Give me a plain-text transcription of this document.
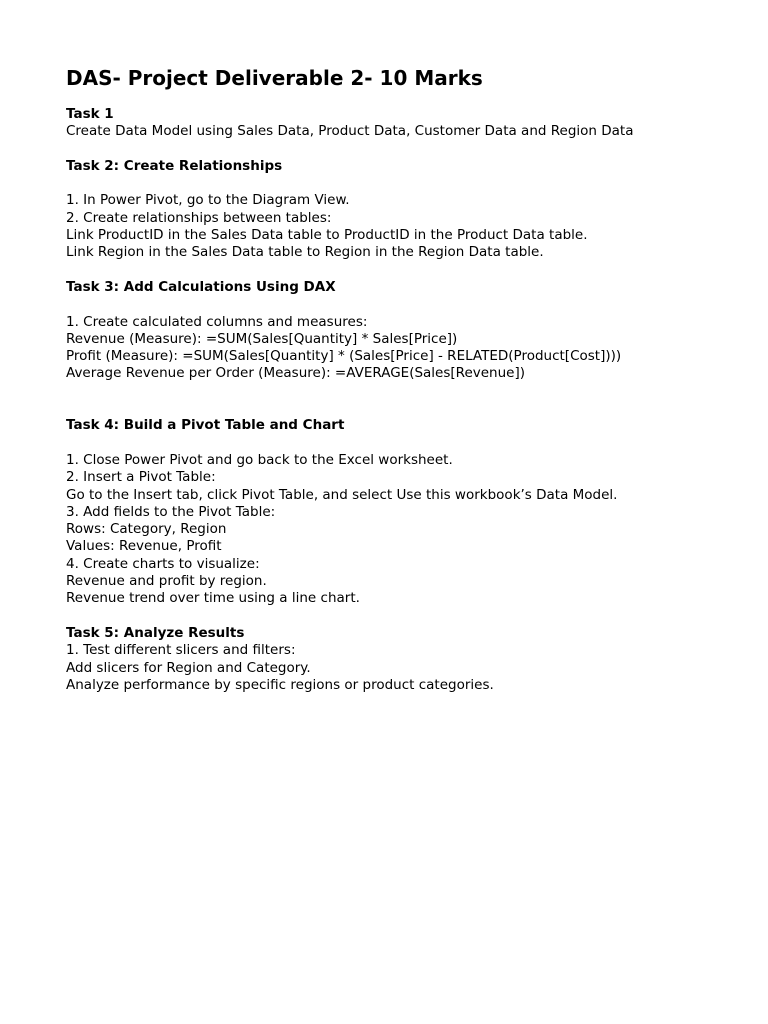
DAS- Project Deliverable 2- 10 Marks
Task 1
Create Data Model using Sales Data, Product Data, Customer Data and Region Data
Task 2: Create Relationships
1. In Power Pivot, go to the Diagram View.
2. Create relationships between tables:
Link ProductID in the Sales Data table to ProductID in the Product Data table.
Link Region in the Sales Data table to Region in the Region Data table.
Task 3: Add Calculations Using DAX
1. Create calculated columns and measures:
Revenue (Measure): =SUM(Sales[Quantity] * Sales[Price])
Profit (Measure): =SUM(Sales[Quantity] * (Sales[Price] - RELATED(Product[Cost])))
Average Revenue per Order (Measure): =AVERAGE(Sales[Revenue])
Task 4: Build a Pivot Table and Chart
1. Close Power Pivot and go back to the Excel worksheet.
2. Insert a Pivot Table:
Go to the Insert tab, click Pivot Table, and select Use this workbook’s Data Model.
3. Add fields to the Pivot Table:
Rows: Category, Region
Values: Revenue, Profit
4. Create charts to visualize:
Revenue and profit by region.
Revenue trend over time using a line chart.
Task 5: Analyze Results
1. Test different slicers and filters:
Add slicers for Region and Category.
Analyze performance by specific regions or product categories.
